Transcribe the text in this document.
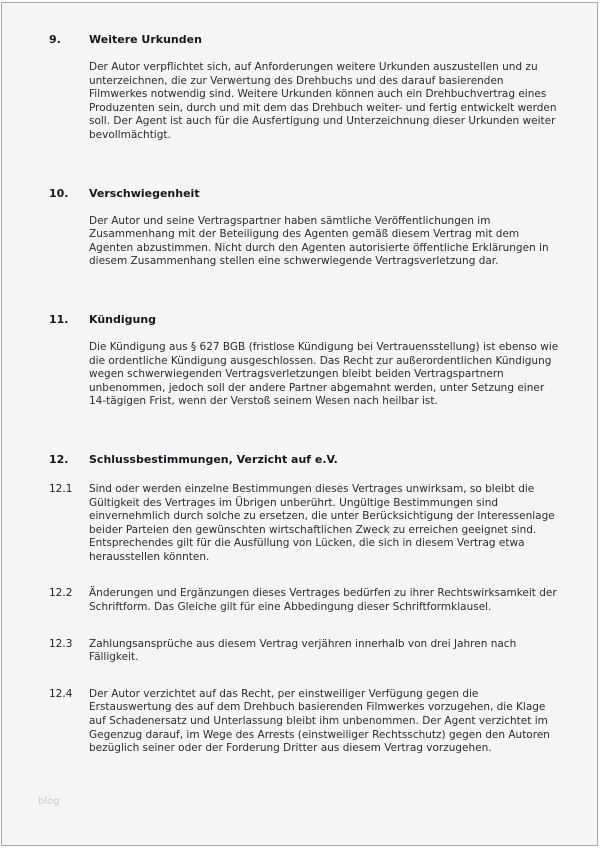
9.	Weitere Urkunden

Der Autor verpflichtet sich, auf Anforderungen weitere Urkunden auszustellen und zu unterzeichnen, die zur Verwertung des Drehbuchs und des darauf basierenden Filmwerkes notwendig sind. Weitere Urkunden können auch ein Drehbuchvertrag eines Produzenten sein, durch und mit dem das Drehbuch weiter- und fertig entwickelt werden soll. Der Agent ist auch für die Ausfertigung und Unterzeichnung dieser Urkunden weiter bevollmächtigt.

10.	Verschwiegenheit

Der Autor und seine Vertragspartner haben sämtliche Veröffentlichungen im Zusammenhang mit der Beteiligung des Agenten gemäß diesem Vertrag mit dem Agenten abzustimmen. Nicht durch den Agenten autorisierte öffentliche Erklärungen in diesem Zusammenhang stellen eine schwerwiegende Vertragsverletzung dar.

11.	Kündigung

Die Kündigung aus § 627 BGB (fristlose Kündigung bei Vertrauensstellung) ist ebenso wie die ordentliche Kündigung ausgeschlossen. Das Recht zur außerordentlichen Kündigung wegen schwerwiegenden Vertragsverletzungen bleibt beiden Vertragspartnern unbenommen, jedoch soll der andere Partner abgemahnt werden, unter Setzung einer 14-tägigen Frist, wenn der Verstoß seinem Wesen nach heilbar ist.

12.	Schlussbestimmungen, Verzicht auf e.V.
12.1	Sind oder werden einzelne Bestimmungen dieses Vertrages unwirksam, so bleibt die Gültigkeit des Vertrages im Übrigen unberührt. Ungültige Bestimmungen sind einvernehmlich durch solche zu ersetzen, die unter Berücksichtigung der Interessenlage beider Parteien den gewünschten wirtschaftlichen Zweck zu erreichen geeignet sind. Entsprechendes gilt für die Ausfüllung von Lücken, die sich in diesem Vertrag etwa herausstellen könnten.

12.2	Änderungen und Ergänzungen dieses Vertrages bedürfen zu ihrer Rechtswirksamkeit der Schriftform. Das Gleiche gilt für eine Abbedingung dieser Schriftformklausel.

12.3	Zahlungsansprüche aus diesem Vertrag verjähren innerhalb von drei Jahren nach Fälligkeit.

12.4	Der Autor verzichtet auf das Recht, per einstweiliger Verfügung gegen die Erstauswertung des auf dem Drehbuch basierenden Filmwerkes vorzugehen, die Klage auf Schadenersatz und Unterlassung bleibt ihm unbenommen. Der Agent verzichtet im Gegenzug darauf, im Wege des Arrests (einstweiliger Rechtsschutz) gegen den Autoren bezüglich seiner oder der Forderung Dritter aus diesem Vertrag vorzugehen.

blog
